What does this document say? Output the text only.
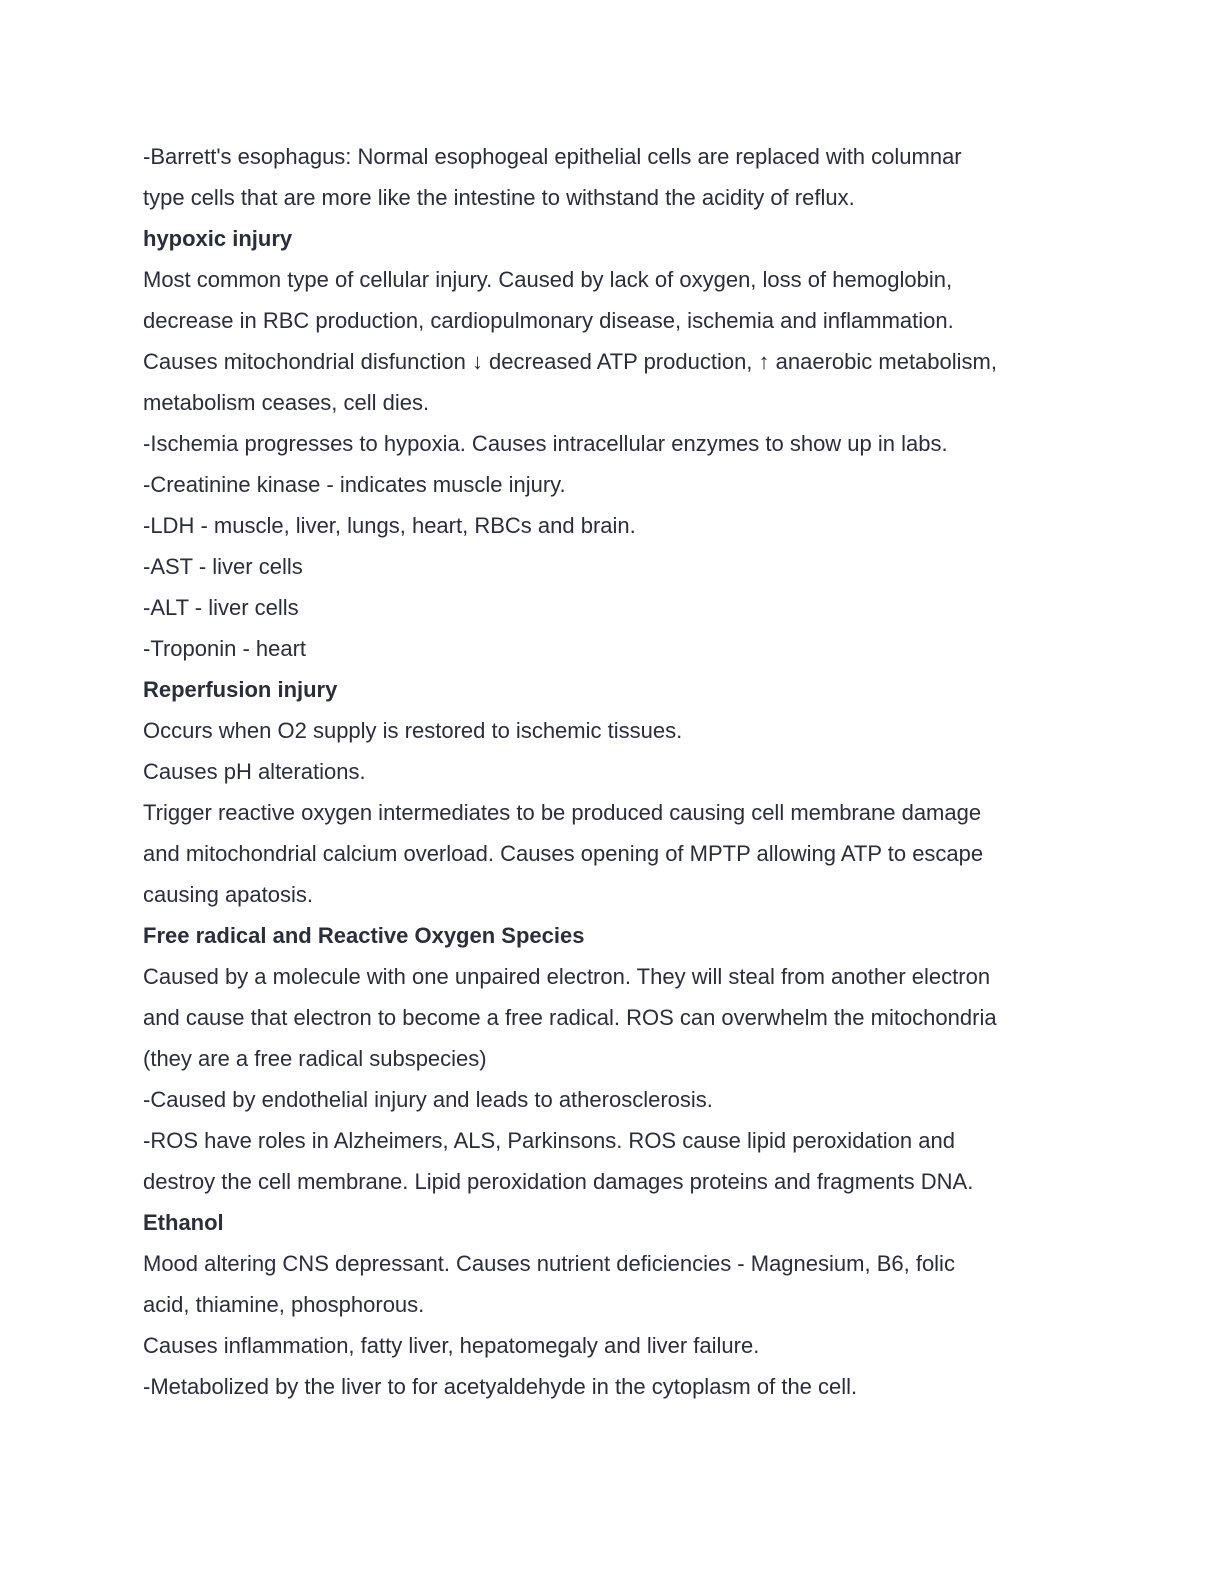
-Barrett's esophagus: Normal esophogeal epithelial cells are replaced with columnar

type cells that are more like the intestine to withstand the acidity of reflux.

hypoxic injury

Most common type of cellular injury. Caused by lack of oxygen, loss of hemoglobin,

decrease in RBC production, cardiopulmonary disease, ischemia and inflammation.

Causes mitochondrial disfunction ↓ decreased ATP production, ↑ anaerobic metabolism,

metabolism ceases, cell dies.

-Ischemia progresses to hypoxia. Causes intracellular enzymes to show up in labs.

-Creatinine kinase - indicates muscle injury.

-LDH - muscle, liver, lungs, heart, RBCs and brain.

-AST - liver cells

-ALT - liver cells

-Troponin - heart

Reperfusion injury

Occurs when O2 supply is restored to ischemic tissues.

Causes pH alterations.

Trigger reactive oxygen intermediates to be produced causing cell membrane damage

and mitochondrial calcium overload. Causes opening of MPTP allowing ATP to escape

causing apatosis.

Free radical and Reactive Oxygen Species

Caused by a molecule with one unpaired electron. They will steal from another electron

and cause that electron to become a free radical. ROS can overwhelm the mitochondria

(they are a free radical subspecies)

-Caused by endothelial injury and leads to atherosclerosis.

-ROS have roles in Alzheimers, ALS, Parkinsons. ROS cause lipid peroxidation and

destroy the cell membrane. Lipid peroxidation damages proteins and fragments DNA.

Ethanol

Mood altering CNS depressant. Causes nutrient deficiencies - Magnesium, B6, folic

acid, thiamine, phosphorous.

Causes inflammation, fatty liver, hepatomegaly and liver failure.

-Metabolized by the liver to for acetyaldehyde in the cytoplasm of the cell.
